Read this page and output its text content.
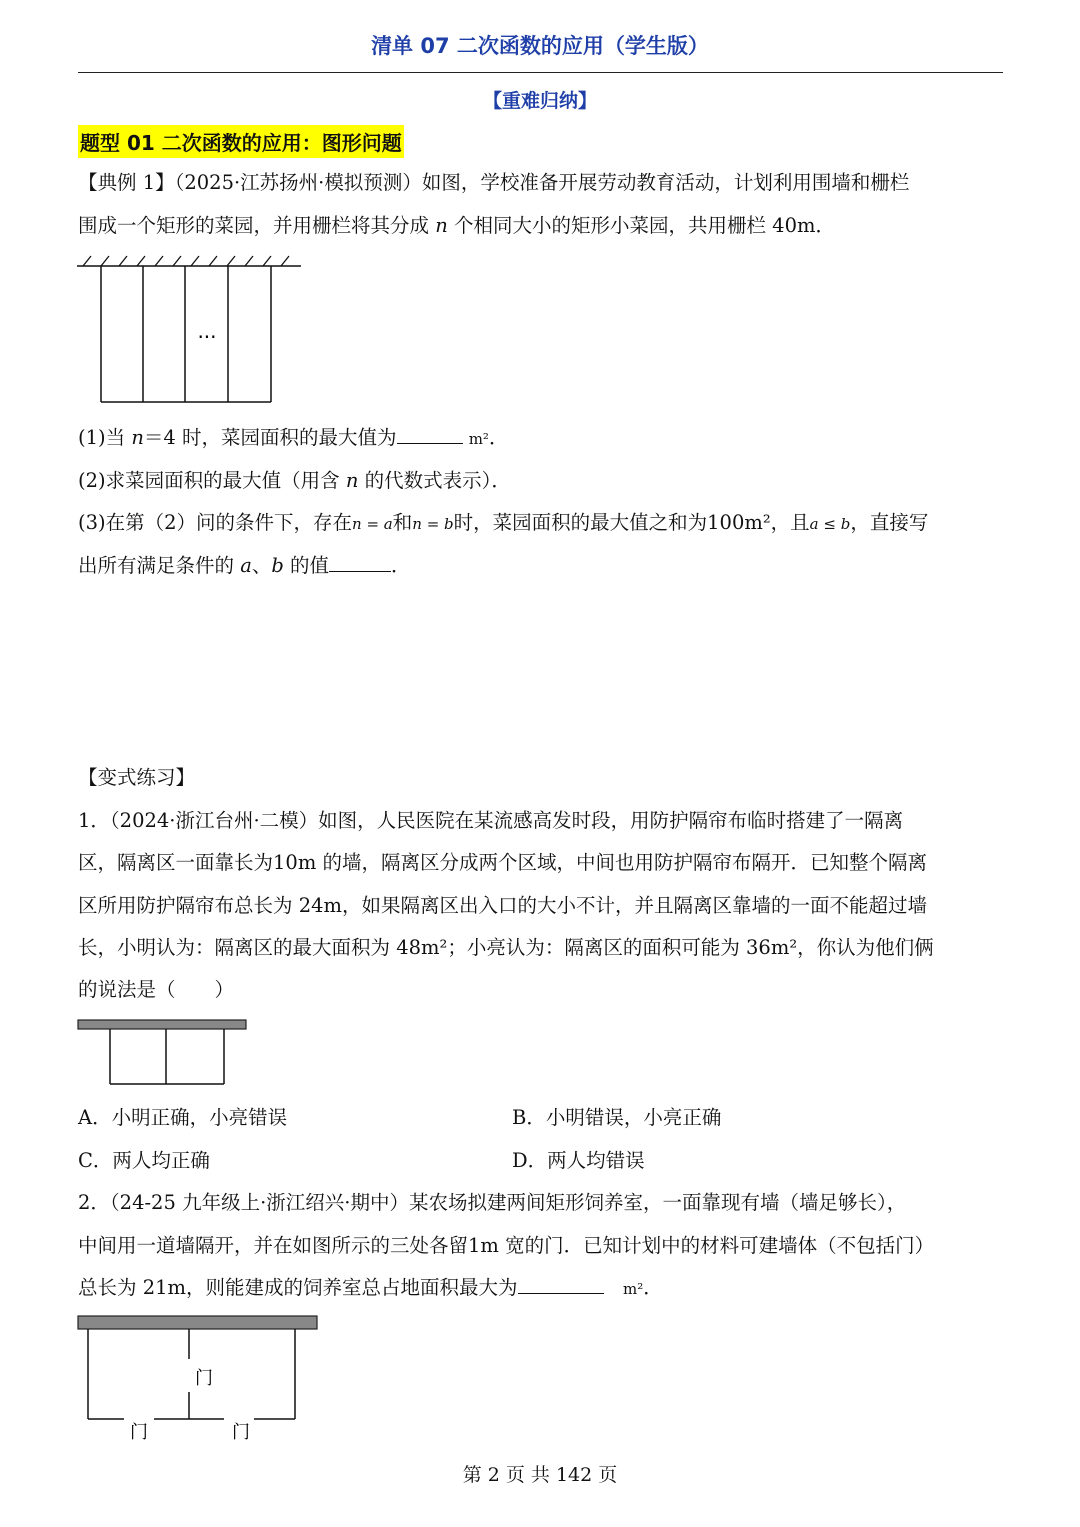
清单 07 二次函数的应用（学生版）
【重难归纳】
题型 01 二次函数的应用：图形问题
【典例 1】（2025·江苏扬州·模拟预测）如图，学校准备开展劳动教育活动，计划利用围墙和栅栏
围成一个矩形的菜园，并用栅栏将其分成 n 个相同大小的矩形小菜园，共用栅栏 40m．
···
(1)当 n＝4 时，菜园面积的最大值为	m²．
(2)求菜园面积的最大值（用含 n 的代数式表示）．
(3)在第（2）问的条件下，存在n = a和n = b时，菜园面积的最大值之和为100m²，且a ≤ b，直接写
出所有满足条件的 a、b 的值	．
【变式练习】
1．（2024·浙江台州·二模）如图，人民医院在某流感高发时段，用防护隔帘布临时搭建了一隔离
区，隔离区一面靠长为10m 的墙，隔离区分成两个区域，中间也用防护隔帘布隔开．已知整个隔离
区所用防护隔帘布总长为 24m，如果隔离区出入口的大小不计，并且隔离区靠墙的一面不能超过墙
长，小明认为：隔离区的最大面积为 48m²；小亮认为：隔离区的面积可能为 36m²，你认为他们俩
的说法是（　　）
A．小明正确，小亮错误	B．小明错误，小亮正确
C．两人均正确	D．两人均错误
2．（24-25 九年级上·浙江绍兴·期中）某农场拟建两间矩形饲养室，一面靠现有墙（墙足够长），
中间用一道墙隔开，并在如图所示的三处各留1m 宽的门．已知计划中的材料可建墙体（不包括门）
总长为 21m，则能建成的饲养室总占地面积最大为　	m²．
门
门	门
第 2 页 共 142 页
